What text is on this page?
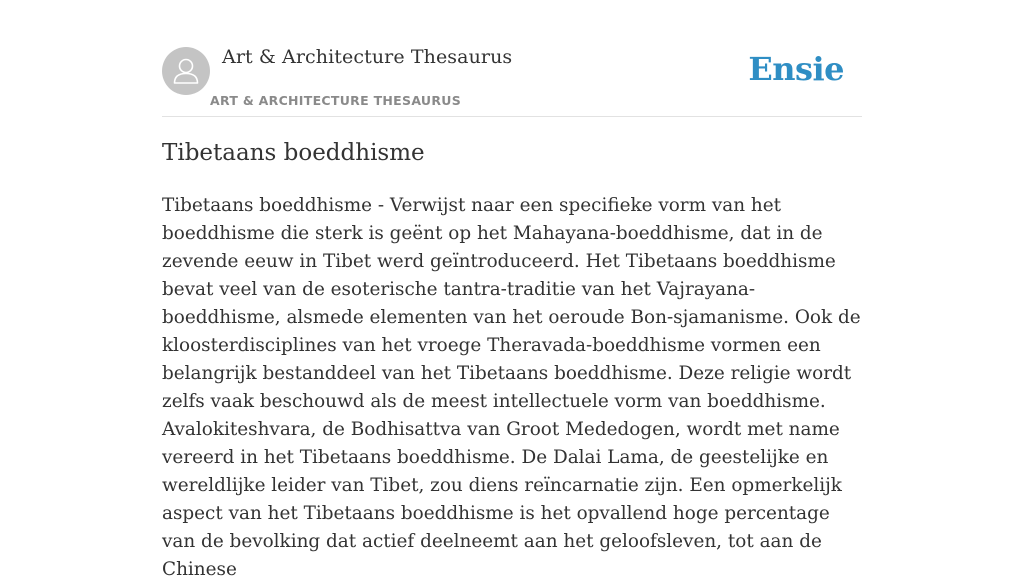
Art & Architecture Thesaurus
ART & ARCHITECTURE THESAURUS
Ensie
Tibetaans boeddhisme

Tibetaans boeddhisme - Verwijst naar een specifieke vorm van het boeddhisme die sterk is geënt op het Mahayana-boeddhisme, dat in de zevende eeuw in Tibet werd geïntroduceerd. Het Tibetaans boeddhisme bevat veel van de esoterische tantra-traditie van het Vajrayana-boeddhisme, alsmede elementen van het oeroude Bon-sjamanisme. Ook de kloosterdisciplines van het vroege Theravada-boeddhisme vormen een belangrijk bestanddeel van het Tibetaans boeddhisme. Deze religie wordt zelfs vaak beschouwd als de meest intellectuele vorm van boeddhisme. Avalokiteshvara, de Bodhisattva van Groot Mededogen, wordt met name vereerd in het Tibetaans boeddhisme. De Dalai Lama, de geestelijke en wereldlijke leider van Tibet, zou diens reïncarnatie zijn. Een opmerkelijk aspect van het Tibetaans boeddhisme is het opvallend hoge percentage van de bevolking dat actief deelneemt aan het geloofsleven, tot aan de Chinese
